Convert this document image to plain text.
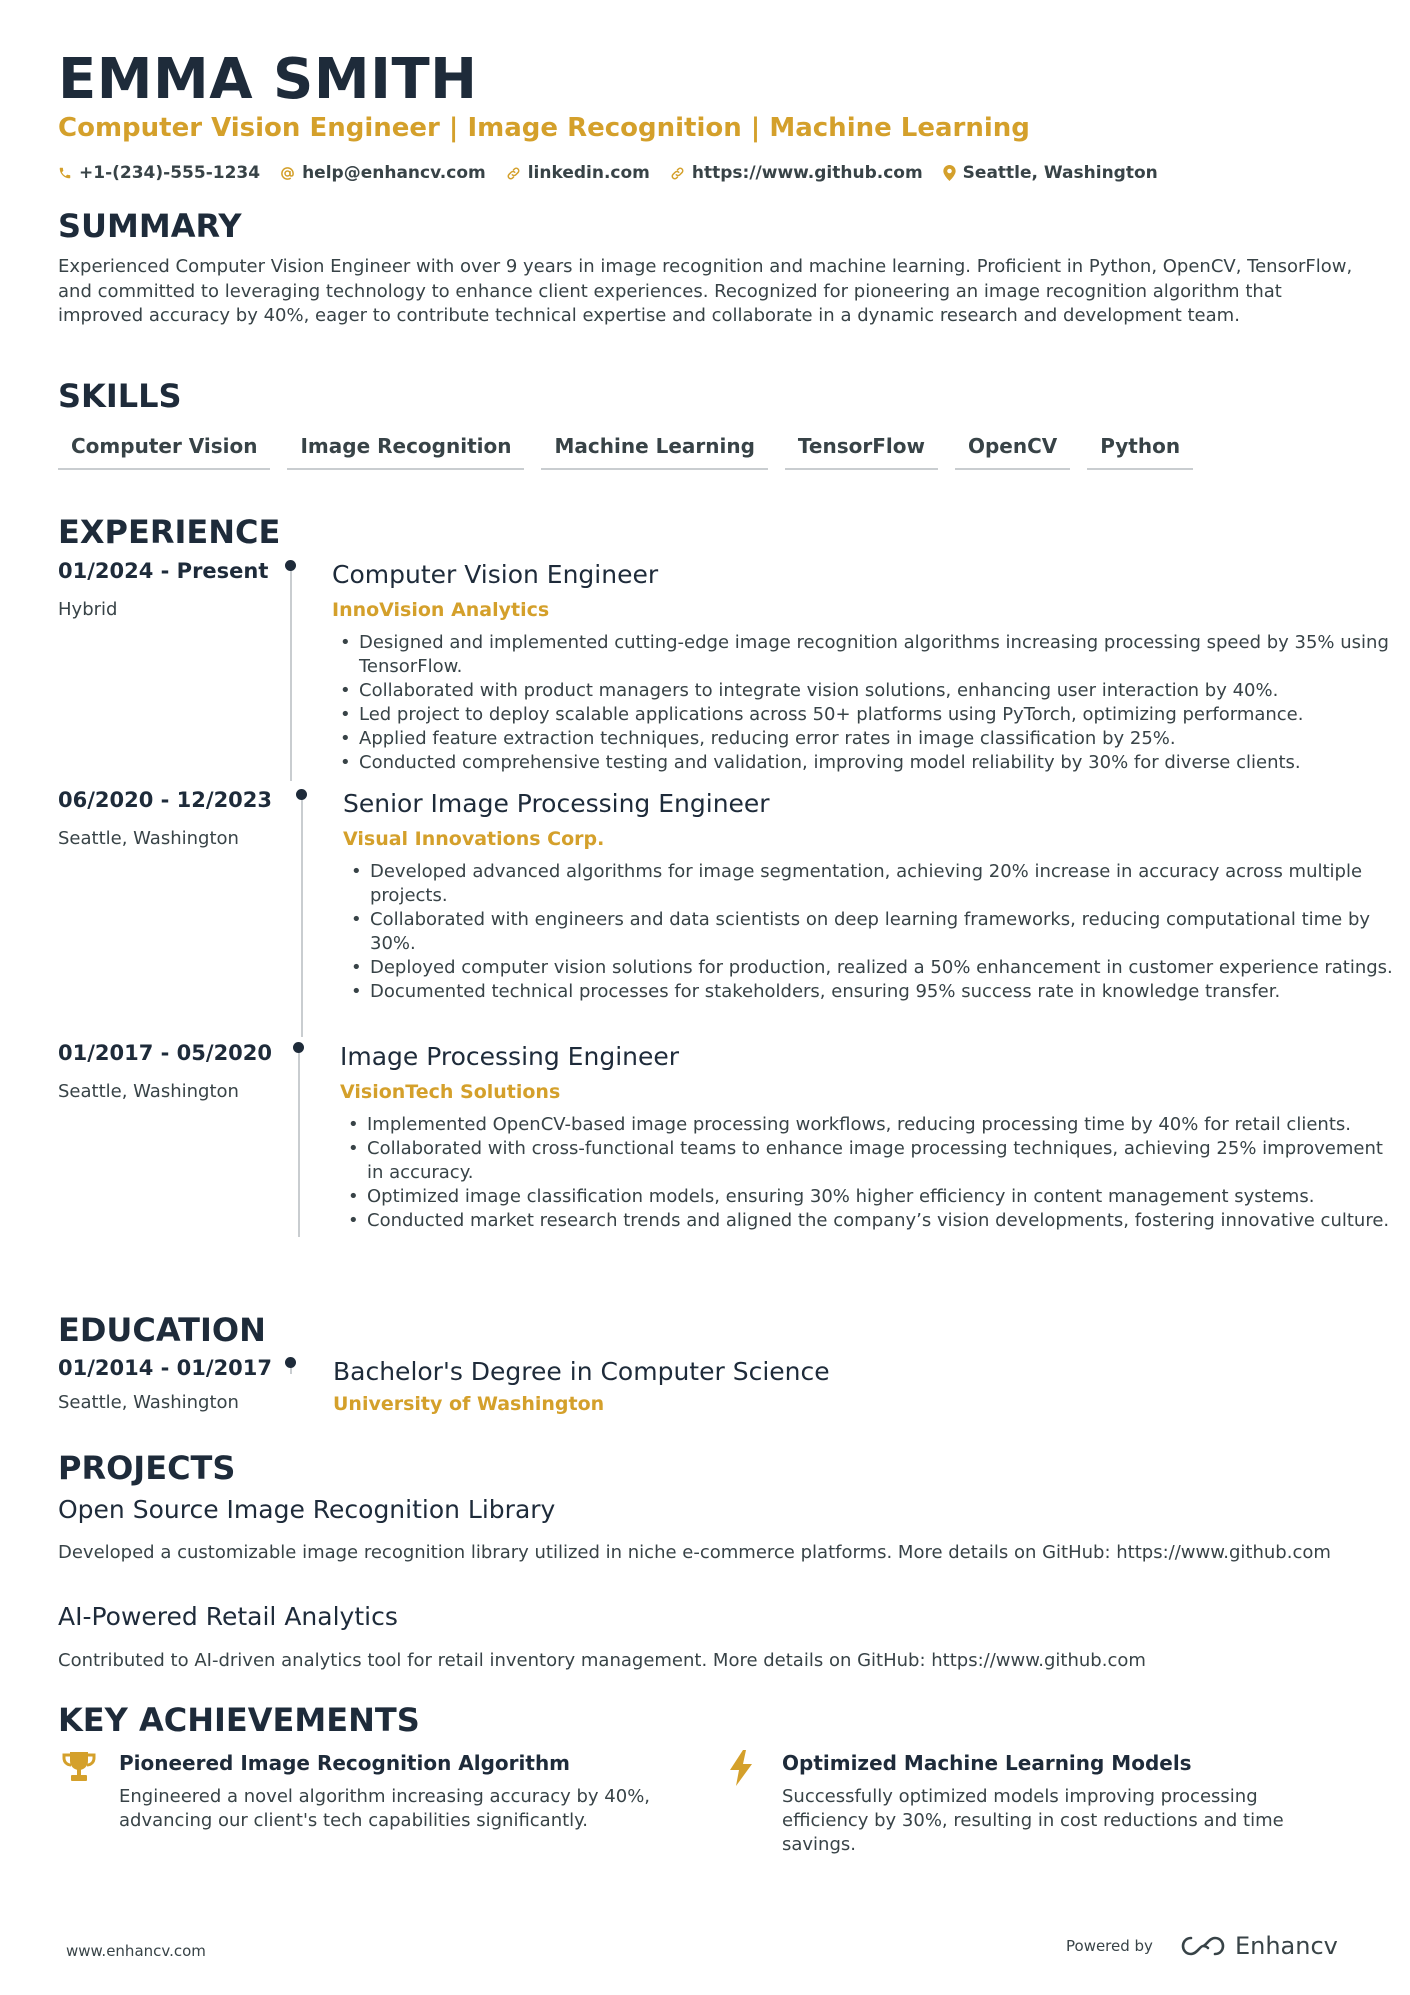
EMMA SMITH
Computer Vision Engineer | Image Recognition | Machine Learning
+1-(234)-555-1234 help@enhancv.com linkedin.com https://www.github.com Seattle, Washington
SUMMARY
Experienced Computer Vision Engineer with over 9 years in image recognition and machine learning. Proficient in Python, OpenCV, TensorFlow, and committed to leveraging technology to enhance client experiences. Recognized for pioneering an image recognition algorithm that improved accuracy by 40%, eager to contribute technical expertise and collaborate in a dynamic research and development team.
SKILLS
Computer Vision	Image Recognition	Machine Learning	TensorFlow	OpenCV	Python
EXPERIENCE
01/2024 - Present
Hybrid
Computer Vision Engineer
InnoVision Analytics
• Designed and implemented cutting-edge image recognition algorithms increasing processing speed by 35% using TensorFlow.
• Collaborated with product managers to integrate vision solutions, enhancing user interaction by 40%.
• Led project to deploy scalable applications across 50+ platforms using PyTorch, optimizing performance.
• Applied feature extraction techniques, reducing error rates in image classification by 25%.
• Conducted comprehensive testing and validation, improving model reliability by 30% for diverse clients.
06/2020 - 12/2023
Seattle, Washington
Senior Image Processing Engineer
Visual Innovations Corp.
• Developed advanced algorithms for image segmentation, achieving 20% increase in accuracy across multiple projects.
• Collaborated with engineers and data scientists on deep learning frameworks, reducing computational time by 30%.
• Deployed computer vision solutions for production, realized a 50% enhancement in customer experience ratings.
• Documented technical processes for stakeholders, ensuring 95% success rate in knowledge transfer.
01/2017 - 05/2020
Seattle, Washington
Image Processing Engineer
VisionTech Solutions
• Implemented OpenCV-based image processing workflows, reducing processing time by 40% for retail clients.
• Collaborated with cross-functional teams to enhance image processing techniques, achieving 25% improvement in accuracy.
• Optimized image classification models, ensuring 30% higher efficiency in content management systems.
• Conducted market research trends and aligned the company’s vision developments, fostering innovative culture.
EDUCATION
01/2014 - 01/2017
Seattle, Washington
Bachelor's Degree in Computer Science
University of Washington
PROJECTS
Open Source Image Recognition Library
Developed a customizable image recognition library utilized in niche e-commerce platforms. More details on GitHub: https://www.github.com
AI-Powered Retail Analytics
Contributed to AI-driven analytics tool for retail inventory management. More details on GitHub: https://www.github.com
KEY ACHIEVEMENTS
Pioneered Image Recognition Algorithm
Engineered a novel algorithm increasing accuracy by 40%, advancing our client's tech capabilities significantly.
Optimized Machine Learning Models
Successfully optimized models improving processing efficiency by 30%, resulting in cost reductions and time savings.
www.enhancv.com	Powered by	Enhancv
